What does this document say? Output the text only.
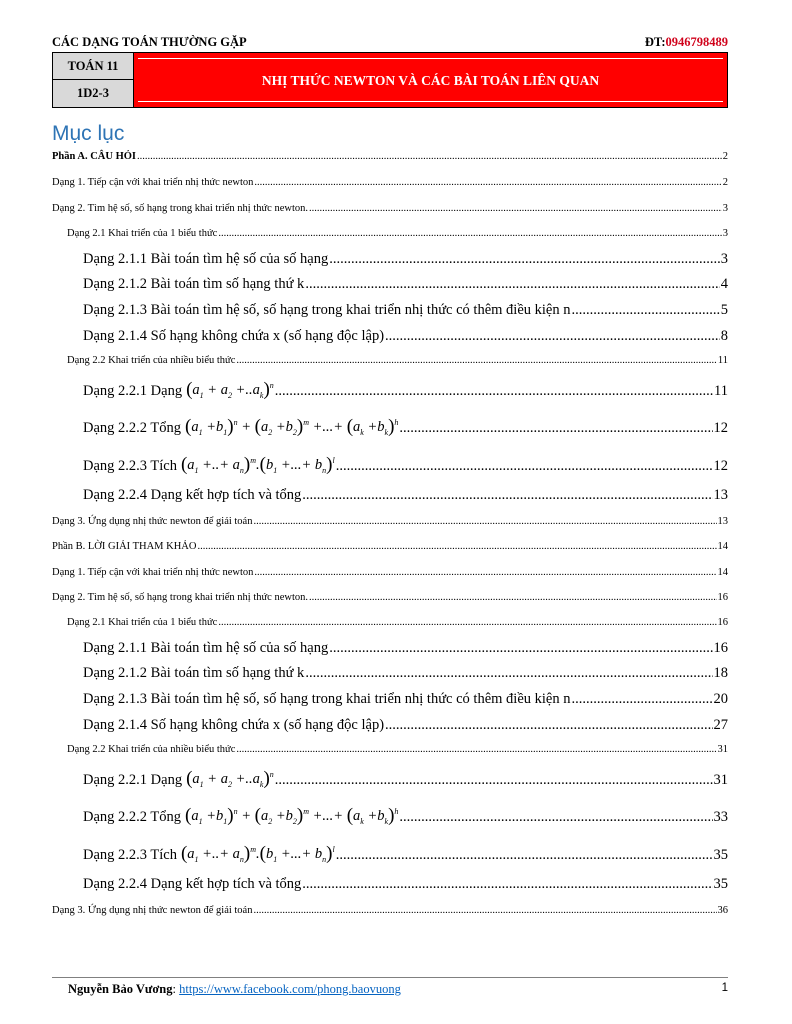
CÁC DẠNG TOÁN THƯỜNG GẶP	ĐT:0946798489
TOÁN 11
1D2-3
NHỊ THỨC NEWTON VÀ CÁC BÀI TOÁN LIÊN QUAN
Mục lục
Phần A. CÂU HỎI .....	2
Dạng 1. Tiếp cận với khai triển nhị thức newton .....	2
Dạng 2. Tìm hệ số, số hạng trong khai triển nhị thức newton. .....	3
Dạng 2.1 Khai triển của 1 biểu thức .....	3
Dạng 2.1.1 Bài toán tìm hệ số của số hạng .....	3
Dạng 2.1.2 Bài toán tìm số hạng thứ k .....	4
Dạng 2.1.3 Bài toán tìm hệ số, số hạng trong khai triển nhị thức có thêm điều kiện n .....	5
Dạng 2.1.4 Số hạng không chứa x (số hạng độc lập) .....	8
Dạng 2.2 Khai triển của nhiều biểu thức .....	11
Dạng 2.2.1 Dạng $(a_1 + a_2 +..a_k)^n$ .....	11
Dạng 2.2.2 Tổng $(a_1 +b_1)^n + (a_2 +b_2)^m$ +...+ $(a_k +b_k)^h$ .....	12
Dạng 2.2.3 Tích ($a_1$ +..+ $a_n)^m.(b_1$ +...+ $b_n)^l$ .....	12
Dạng 2.2.4 Dạng kết hợp tích và tổng .....	13
Dạng 3. Ứng dụng nhị thức newton để giải toán .....	13
Phần B. LỜI GIẢI THAM KHẢO .....	14
Dạng 1. Tiếp cận với khai triển nhị thức newton .....	14
Dạng 2. Tìm hệ số, số hạng trong khai triển nhị thức newton. .....	16
Dạng 2.1 Khai triển của 1 biểu thức .....	16
Dạng 2.1.1 Bài toán tìm hệ số của số hạng .....	16
Dạng 2.1.2 Bài toán tìm số hạng thứ k .....	18
Dạng 2.1.3 Bài toán tìm hệ số, số hạng trong khai triển nhị thức có thêm điều kiện n .....	20
Dạng 2.1.4 Số hạng không chứa x (số hạng độc lập) .....	27
Dạng 2.2 Khai triển của nhiều biểu thức .....	31
Dạng 2.2.1 Dạng $(a_1 + a_2 +..a_k)^n$ .....	31
Dạng 2.2.2 Tổng $(a_1 +b_1)^n + (a_2 +b_2)^m$ +...+ $(a_k +b_k)^h$ .....	33
Dạng 2.2.3 Tích ($a_1$ +..+ $a_n)^m.(b_1$ +...+ $b_n)^l$ .....	35
Dạng 2.2.4 Dạng kết hợp tích và tổng .....	35
Dạng 3. Ứng dụng nhị thức newton để giải toán .....	36
Nguyễn Bảo Vương: https://www.facebook.com/phong.baovuong	1
